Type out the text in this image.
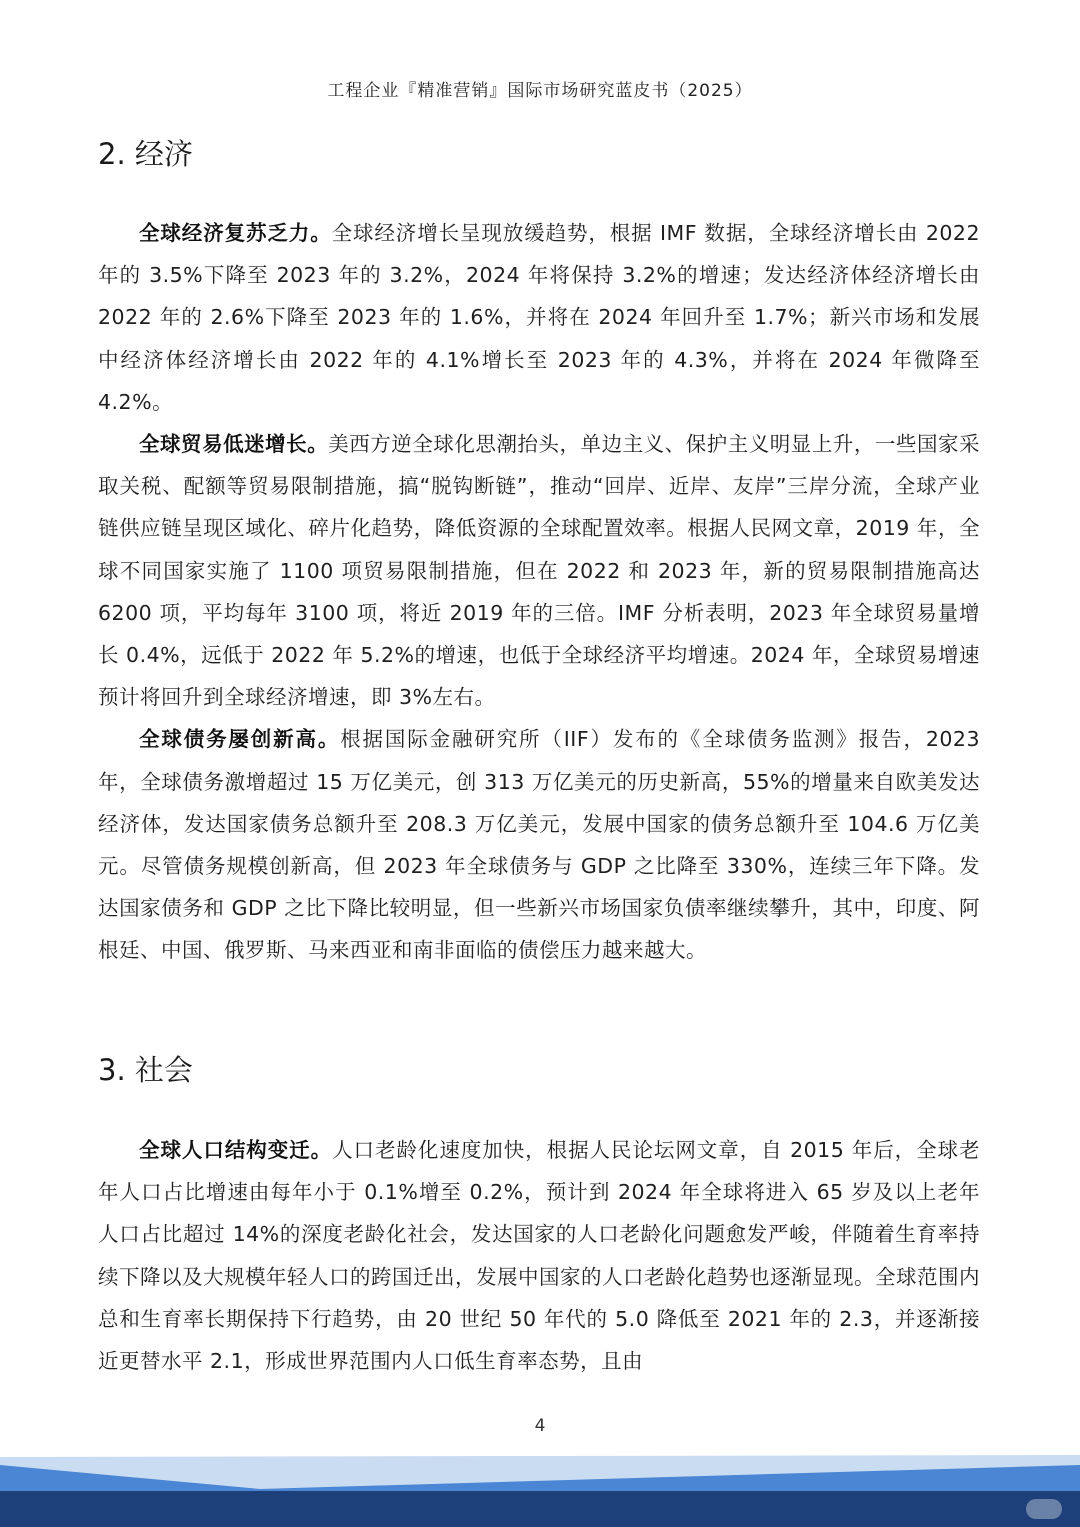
工程企业『精准营销』国际市场研究蓝皮书（2025）
2. 经济

全球经济复苏乏力。全球经济增长呈现放缓趋势，根据 IMF 数据，全球经济增长由 2022 年的 3.5%下降至 2023 年的 3.2%，2024 年将保持 3.2%的增速；发达经济体经济增长由 2022 年的 2.6%下降至 2023 年的 1.6%，并将在 2024 年回升至 1.7%；新兴市场和发展中经济体经济增长由 2022 年的 4.1%增长至 2023 年的 4.3%，并将在 2024 年微降至 4.2%。

全球贸易低迷增长。美西方逆全球化思潮抬头，单边主义、保护主义明显上升，一些国家采取关税、配额等贸易限制措施，搞“脱钩断链”，推动“回岸、近岸、友岸”三岸分流，全球产业链供应链呈现区域化、碎片化趋势，降低资源的全球配置效率。根据人民网文章，2019 年，全球不同国家实施了 1100 项贸易限制措施，但在 2022 和 2023 年，新的贸易限制措施高达 6200 项，平均每年 3100 项，将近 2019 年的三倍。IMF 分析表明，2023 年全球贸易量增长 0.4%，远低于 2022 年 5.2%的增速，也低于全球经济平均增速。2024 年，全球贸易增速预计将回升到全球经济增速，即 3%左右。

全球债务屡创新高。根据国际金融研究所（IIF）发布的《全球债务监测》报告，2023 年，全球债务激增超过 15 万亿美元，创 313 万亿美元的历史新高，55%的增量来自欧美发达经济体，发达国家债务总额升至 208.3 万亿美元，发展中国家的债务总额升至 104.6 万亿美元。尽管债务规模创新高，但 2023 年全球债务与 GDP 之比降至 330%，连续三年下降。发达国家债务和 GDP 之比下降比较明显，但一些新兴市场国家负债率继续攀升，其中，印度、阿根廷、中国、俄罗斯、马来西亚和南非面临的债偿压力越来越大。

3. 社会

全球人口结构变迁。人口老龄化速度加快，根据人民论坛网文章，自 2015 年后，全球老年人口占比增速由每年小于 0.1%增至 0.2%，预计到 2024 年全球将进入 65 岁及以上老年人口占比超过 14%的深度老龄化社会，发达国家的人口老龄化问题愈发严峻，伴随着生育率持续下降以及大规模年轻人口的跨国迁出，发展中国家的人口老龄化趋势也逐渐显现。全球范围内总和生育率长期保持下行趋势，由 20 世纪 50 年代的 5.0 降低至 2021 年的 2.3，并逐渐接近更替水平 2.1，形成世界范围内人口低生育率态势，且由

4
